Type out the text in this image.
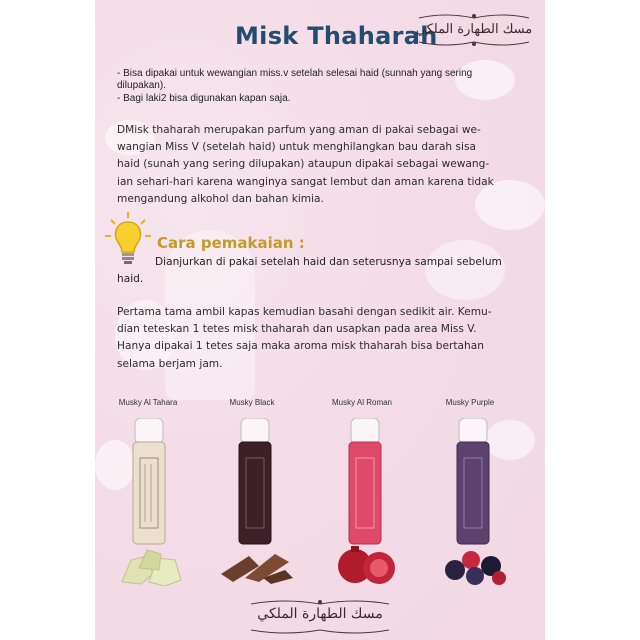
Misk Thaharah
مسك الطهارة الملكي
- Bisa dipakai untuk wewangian miss.v setelah selesai haid (sunnah yang sering
dilupakan).
- Bagi laki2 bisa digunakan kapan saja.
DMisk thaharah merupakan parfum yang aman di pakai sebagai we-
wangian Miss V (setelah haid) untuk menghilangkan bau darah sisa
haid (sunah yang sering dilupakan) ataupun dipakai sebagai wewang-
ian sehari-hari karena wanginya sangat lembut dan aman karena tidak
mengandung alkohol dan bahan kimia.
Cara pemakaian :
Dianjurkan di pakai setelah haid dan seterusnya sampai sebelum
haid.
Pertama tama ambil kapas kemudian basahi dengan sedikit air. Kemu-
dian teteskan 1 tetes misk thaharah dan usapkan pada area Miss V.
Hanya dipakai 1 tetes saja maka aroma misk thaharah bisa bertahan
selama berjam jam.
Musky Al Tahara	Musky Black	Musky Al Roman	Musky Purple
مسك الطهارة الملكي
